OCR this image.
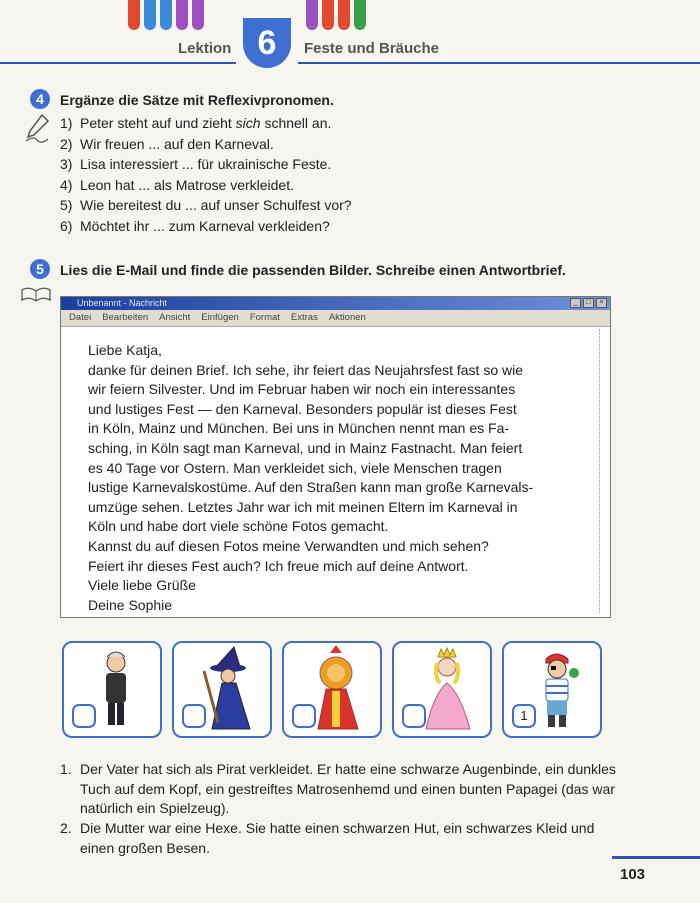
Lektion 6	Feste und Bräuche
4	Ergänze die Sätze mit Reflexivpronomen.
1) Peter steht auf und zieht sich schnell an.
2) Wir freuen ... auf den Karneval.
3) Lisa interessiert ... für ukrainische Feste.
4) Leon hat ... als Matrose verkleidet.
5) Wie bereitest du ... auf unser Schulfest vor?
6) Möchtet ihr ... zum Karneval verkleiden?
5	Lies die E-Mail und finde die passenden Bilder. Schreibe einen Antwortbrief.
Unbenannt - Nachricht	_	□	×
Datei Bearbeiten Ansicht Einfügen Format Extras Aktionen

Liebe Katja,

danke für deinen Brief. Ich sehe, ihr feiert das Neujahrsfest fast so wie

wir feiern Silvester. Und im Februar haben wir noch ein interessantes

und lustiges Fest — den Karneval. Besonders populär ist dieses Fest

in Köln, Mainz und München. Bei uns in München nennt man es Fa-

sching, in Köln sagt man Karneval, und in Mainz Fastnacht. Man feiert

es 40 Tage vor Ostern. Man verkleidet sich, viele Menschen tragen

lustige Karnevalskostüme. Auf den Straßen kann man große Karnevals-

umzüge sehen. Letztes Jahr war ich mit meinen Eltern im Karneval in

Köln und habe dort viele schöne Fotos gemacht.

Kannst du auf diesen Fotos meine Verwandten und mich sehen?

Feiert ihr dieses Fest auch? Ich freue mich auf deine Antwort.

Viele liebe Grüße

Deine Sophie

1
1. Der Vater hat sich als Pirat verkleidet. Er hatte eine schwarze Augenbinde, ein dunkles Tuch auf dem Kopf, ein gestreiftes Matrosenhemd und einen bunten Papagei (das war natürlich ein Spielzeug).
2. Die Mutter war eine Hexe. Sie hatte einen schwarzen Hut, ein schwarzes Kleid und einen großen Besen.
103
